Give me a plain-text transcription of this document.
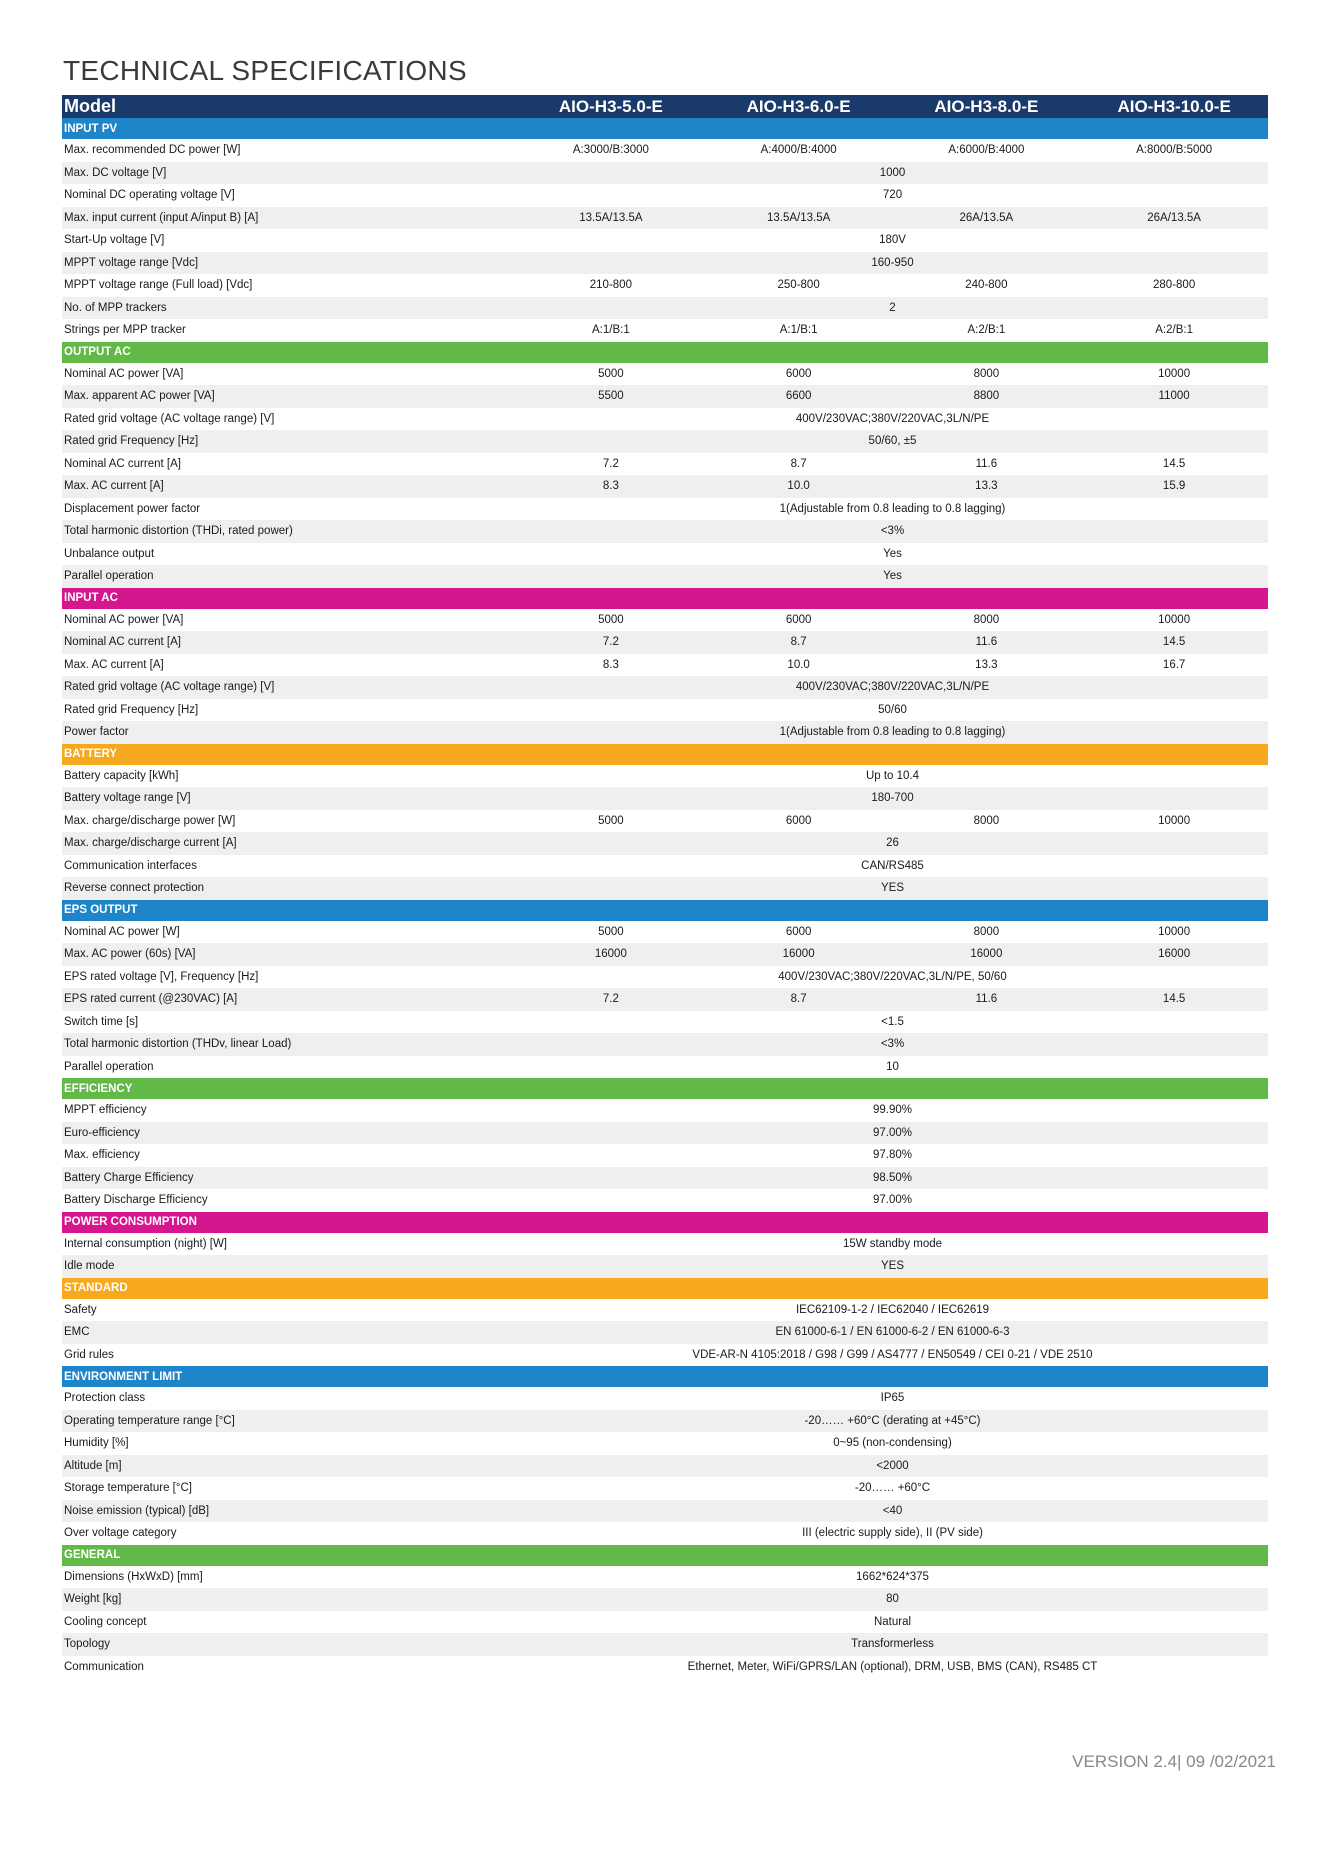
TECHNICAL SPECIFICATIONS
Model	AIO-H3-5.0-E	AIO-H3-6.0-E	AIO-H3-8.0-E	AIO-H3-10.0-E
INPUT PV				
Max. recommended DC power [W]	A:3000/B:3000	A:4000/B:4000	A:6000/B:4000	A:8000/B:5000
Max. DC voltage [V]	1000			
Nominal DC operating voltage [V]	720			
Max. input current (input A/input B) [A]	13.5A/13.5A	13.5A/13.5A	26A/13.5A	26A/13.5A
Start-Up voltage [V]	180V			
MPPT voltage range [Vdc]	160-950			
MPPT voltage range (Full load) [Vdc]	210-800	250-800	240-800	280-800
No. of MPP trackers	2			
Strings per MPP tracker	A:1/B:1	A:1/B:1	A:2/B:1	A:2/B:1
OUTPUT AC				
Nominal AC power [VA]	5000	6000	8000	10000
Max. apparent AC power [VA]	5500	6600	8800	11000
Rated grid voltage (AC voltage range) [V]	400V/230VAC;380V/220VAC,3L/N/PE			
Rated grid Frequency [Hz]	50/60, ±5			
Nominal AC current [A]	7.2	8.7	11.6	14.5
Max. AC current [A]	8.3	10.0	13.3	15.9
Displacement power factor	1(Adjustable from 0.8 leading to 0.8 lagging)			
Total harmonic distortion (THDi, rated power)	<3%			
Unbalance output	Yes			
Parallel operation	Yes			
INPUT AC				
Nominal AC power [VA]	5000	6000	8000	10000
Nominal AC current [A]	7.2	8.7	11.6	14.5
Max. AC current [A]	8.3	10.0	13.3	16.7
Rated grid voltage (AC voltage range) [V]	400V/230VAC;380V/220VAC,3L/N/PE			
Rated grid Frequency [Hz]	50/60			
Power factor	1(Adjustable from 0.8 leading to 0.8 lagging)			
BATTERY				
Battery capacity [kWh]	Up to 10.4			
Battery voltage range [V]	180-700			
Max. charge/discharge power [W]	5000	6000	8000	10000
Max. charge/discharge current [A]	26			
Communication interfaces	CAN/RS485			
Reverse connect protection	YES			
EPS OUTPUT				
Nominal AC power [W]	5000	6000	8000	10000
Max. AC power (60s) [VA]	16000	16000	16000	16000
EPS rated voltage [V], Frequency [Hz]	400V/230VAC;380V/220VAC,3L/N/PE, 50/60			
EPS rated current (@230VAC) [A]	7.2	8.7	11.6	14.5
Switch time [s]	<1.5			
Total harmonic distortion (THDv, linear Load)	<3%			
Parallel operation	10			
EFFICIENCY				
MPPT efficiency	99.90%			
Euro-efficiency	97.00%			
Max. efficiency	97.80%			
Battery Charge Efficiency	98.50%			
Battery Discharge Efficiency	97.00%			
POWER CONSUMPTION				
Internal consumption (night) [W]	15W standby mode			
Idle mode	YES			
STANDARD				
Safety	IEC62109-1-2 / IEC62040 / IEC62619			
EMC	EN 61000-6-1 / EN 61000-6-2 / EN 61000-6-3			
Grid rules	VDE-AR-N 4105:2018 / G98 / G99 / AS4777 / EN50549 / CEI 0-21 / VDE 2510			
ENVIRONMENT LIMIT				
Protection class	IP65			
Operating temperature range [°C]	-20…… +60°C (derating at +45°C)			
Humidity [%]	0~95 (non-condensing)			
Altitude [m]	<2000			
Storage temperature [°C]	-20…… +60°C			
Noise emission (typical) [dB]	<40			
Over voltage category	III (electric supply side), II (PV side)			
GENERAL				
Dimensions (HxWxD) [mm]	1662*624*375			
Weight [kg]	80			
Cooling concept	Natural			
Topology	Transformerless			
Communication	Ethernet, Meter, WiFi/GPRS/LAN (optional), DRM, USB, BMS (CAN), RS485 CT			
VERSION 2.4| 09 /02/2021
